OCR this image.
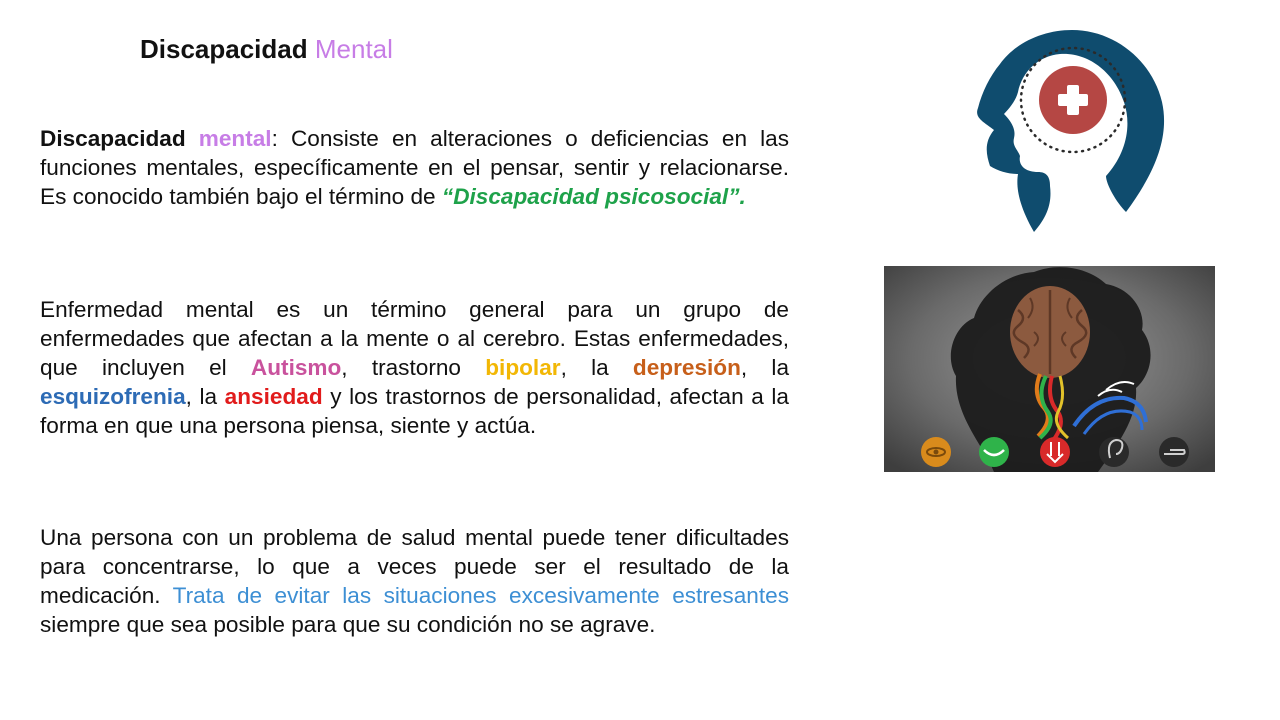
Discapacidad Mental
Discapacidad mental: Consiste en alteraciones o deficiencias en las funciones mentales, específicamente en el pensar, sentir y relacionarse. Es conocido también bajo el término de “Discapacidad psicosocial”.
Enfermedad mental es un término general para un grupo de enfermedades que afectan a la mente o al cerebro. Estas enfermedades, que incluyen el Autismo, trastorno bipolar, la depresión, la esquizofrenia, la ansiedad y los trastornos de personalidad, afectan a la forma en que una persona piensa, siente y actúa.
Una persona con un problema de salud mental puede tener dificultades para concentrarse, lo que a veces puede ser el resultado de la medicación. Trata de evitar las situaciones excesivamente estresantes siempre que sea posible para que su condición no se agrave.
